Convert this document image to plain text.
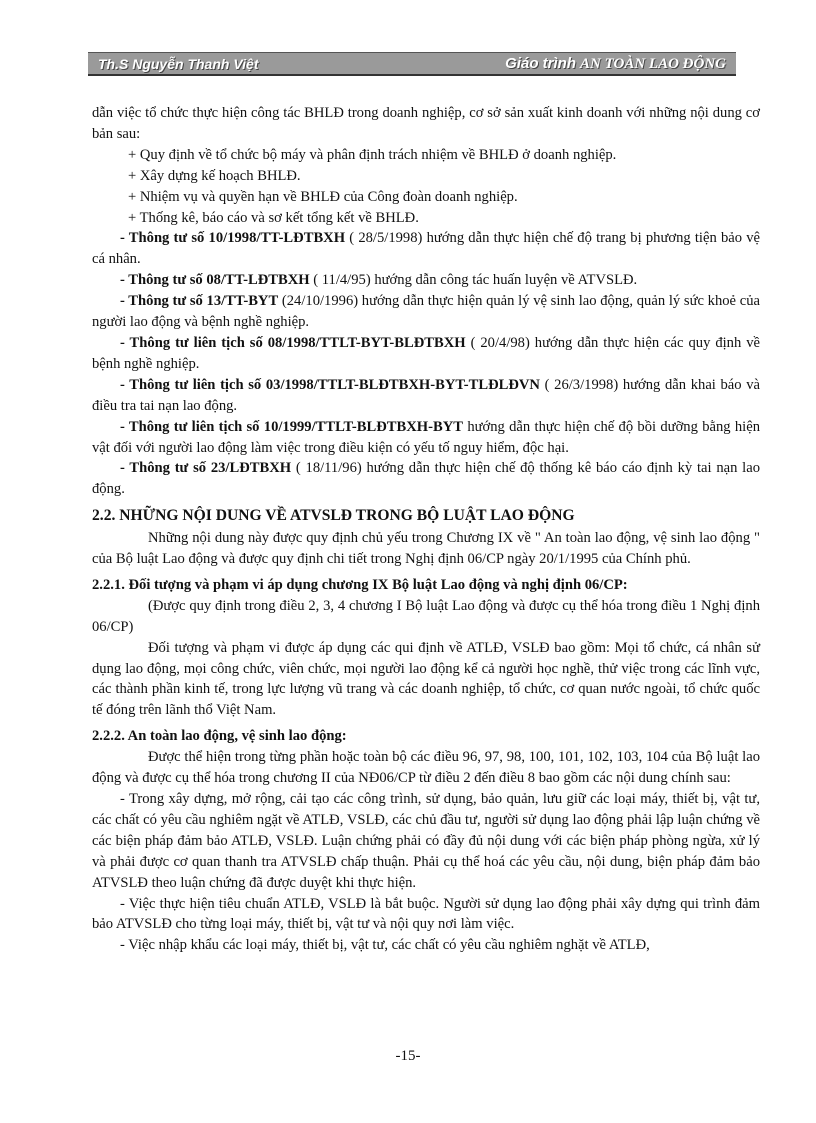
Th.S Nguyễn Thanh Việt	Giáo trình AN TOÀN LAO ĐỘNG

dẫn việc tổ chức thực hiện công tác BHLĐ trong doanh nghiệp, cơ sở sản xuất kinh doanh với những nội dung cơ bản sau:

+ Quy định về tổ chức bộ máy và phân định trách nhiệm về BHLĐ ở doanh nghiệp.

+ Xây dựng kế hoạch BHLĐ.

+ Nhiệm vụ và quyền hạn về BHLĐ của Công đoàn doanh nghiệp.

+ Thống kê, báo cáo và sơ kết tổng kết về BHLĐ.

- Thông tư số 10/1998/TT-LĐTBXH ( 28/5/1998) hướng dẫn thực hiện chế độ trang bị phương tiện bảo vệ cá nhân.

- Thông tư số 08/TT-LĐTBXH ( 11/4/95) hướng dẫn công tác huấn luyện về ATVSLĐ.

- Thông tư số 13/TT-BYT (24/10/1996) hướng dẫn thực hiện quản lý vệ sinh lao động, quản lý sức khoẻ của người lao động và bệnh nghề nghiệp.

- Thông tư liên tịch số 08/1998/TTLT-BYT-BLĐTBXH ( 20/4/98) hướng dẫn thực hiện các quy định về bệnh nghề nghiệp.

- Thông tư liên tịch số 03/1998/TTLT-BLĐTBXH-BYT-TLĐLĐVN ( 26/3/1998) hướng dẫn khai báo và điều tra tai nạn lao động.

- Thông tư liên tịch số 10/1999/TTLT-BLĐTBXH-BYT hướng dẫn thực hiện chế độ bồi dưỡng bằng hiện vật đối với người lao động làm việc trong điều kiện có yếu tố nguy hiểm, độc hại.

- Thông tư số 23/LĐTBXH ( 18/11/96) hướng dẫn thực hiện chế độ thống kê báo cáo định kỳ tai nạn lao động.

2.2. NHỮNG NỘI DUNG VỀ ATVSLĐ TRONG BỘ LUẬT LAO ĐỘNG

Những nội dung này được quy định chủ yếu trong Chương IX về " An toàn lao động, vệ sinh lao động " của Bộ luật Lao động và được quy định chi tiết trong Nghị định 06/CP ngày 20/1/1995 của Chính phủ.

2.2.1. Đối tượng và phạm vi áp dụng chương IX Bộ luật Lao động và nghị định 06/CP:

(Được quy định trong điều 2, 3, 4 chương I Bộ luật Lao động và được cụ thể hóa trong điều 1 Nghị định 06/CP)

Đối tượng và phạm vi được áp dụng các qui định về ATLĐ, VSLĐ bao gồm: Mọi tổ chức, cá nhân sử dụng lao động, mọi công chức, viên chức, mọi người lao động kể cả người học nghề, thử việc trong các lĩnh vực, các thành phần kinh tế, trong lực lượng vũ trang và các doanh nghiệp, tổ chức, cơ quan nước ngoài, tổ chức quốc tế đóng trên lãnh thổ Việt Nam.

2.2.2. An toàn lao động, vệ sinh lao động:

Được thể hiện trong từng phần hoặc toàn bộ các điều 96, 97, 98, 100, 101, 102, 103, 104 của Bộ luật lao động và được cụ thể hóa trong chương II của NĐ06/CP từ điều 2 đến điều 8 bao gồm các nội dung chính sau:

- Trong xây dựng, mở rộng, cải tạo các công trình, sử dụng, bảo quản, lưu giữ các loại máy, thiết bị, vật tư, các chất có yêu cầu nghiêm ngặt về ATLĐ, VSLĐ, các chủ đầu tư, người sử dụng lao động phải lập luận chứng về các biện pháp đảm bảo ATLĐ, VSLĐ. Luận chứng phải có đầy đủ nội dung với các biện pháp phòng ngừa, xử lý và phải được cơ quan thanh tra ATVSLĐ chấp thuận. Phải cụ thể hoá các yêu cầu, nội dung, biện pháp đảm bảo ATVSLĐ theo luận chứng đã được duyệt khi thực hiện.

- Việc thực hiện tiêu chuẩn ATLĐ, VSLĐ là bắt buộc. Người sử dụng lao động phải xây dựng qui trình đảm bảo ATVSLĐ cho từng loại máy, thiết bị, vật tư và nội quy nơi làm việc.

- Việc nhập khẩu các loại máy, thiết bị, vật tư, các chất có yêu cầu nghiêm nghặt về ATLĐ,

-15-
